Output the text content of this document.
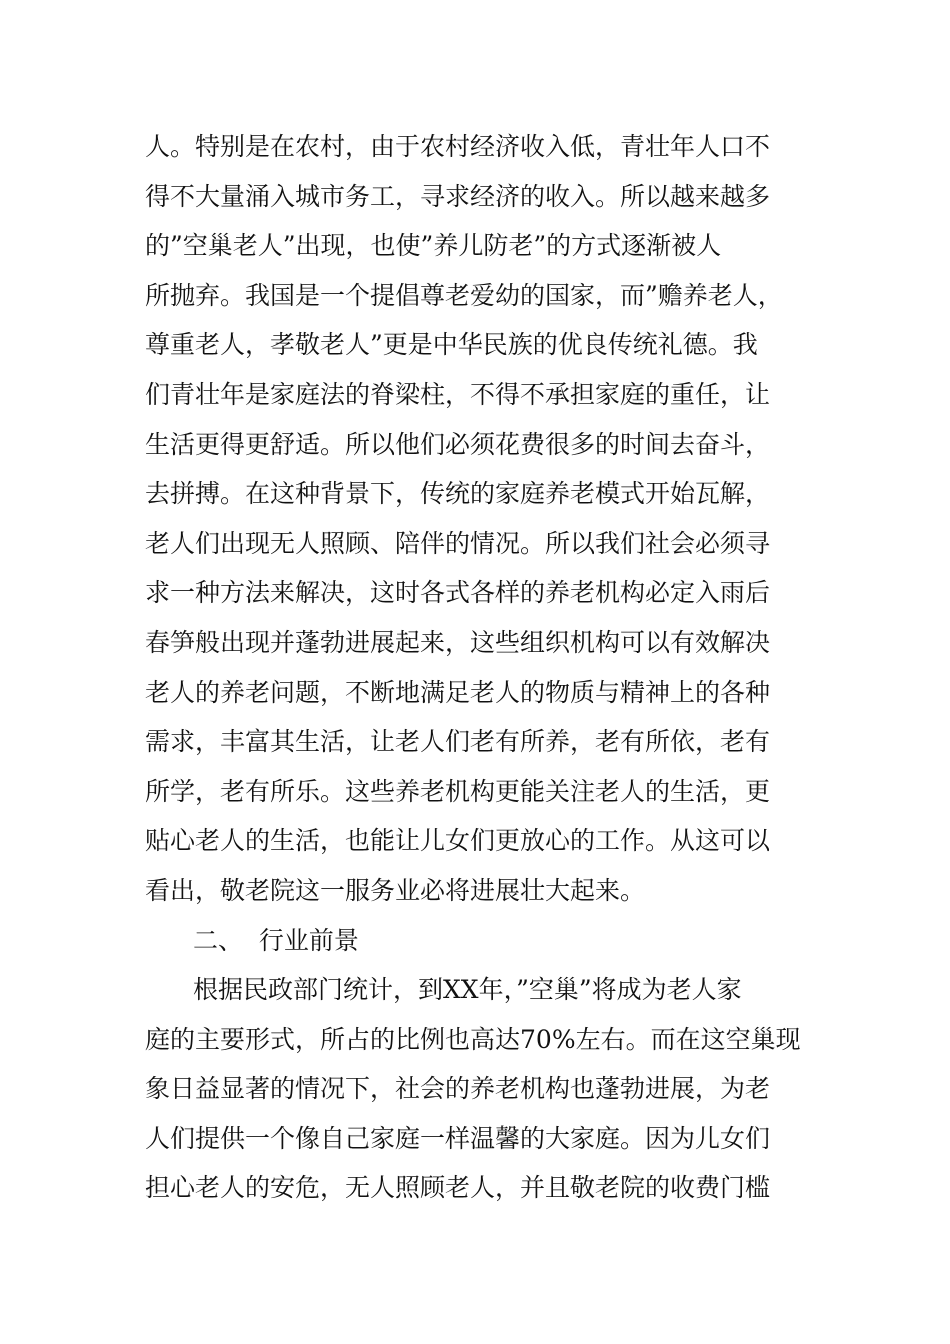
人。特别是在农村，由于农村经济收入低，青壮年人口不
得不大量涌入城市务工，寻求经济的收入。所以越来越多
的”空巢老人”出现，也使”养儿防老”的方式逐渐被人
所抛弃。我国是一个提倡尊老爱幼的国家，而”赡养老人，
尊重老人，孝敬老人”更是中华民族的优良传统礼德。我
们青壮年是家庭法的脊梁柱，不得不承担家庭的重任，让
生活更得更舒适。所以他们必须花费很多的时间去奋斗，
去拼搏。在这种背景下，传统的家庭养老模式开始瓦解，
老人们出现无人照顾、陪伴的情况。所以我们社会必须寻
求一种方法来解决，这时各式各样的养老机构必定入雨后
春笋般出现并蓬勃进展起来，这些组织机构可以有效解决
老人的养老问题，不断地满足老人的物质与精神上的各种
需求，丰富其生活，让老人们老有所养，老有所依，老有
所学，老有所乐。这些养老机构更能关注老人的生活，更
贴心老人的生活，也能让儿女们更放心的工作。从这可以
看出，敬老院这一服务业必将进展壮大起来。
二、  行业前景
根据民政部门统计，到XX年，”空巢”将成为老人家
庭的主要形式，所占的比例也高达70%左右。而在这空巢现
象日益显著的情况下，社会的养老机构也蓬勃进展，为老
人们提供一个像自己家庭一样温馨的大家庭。因为儿女们
担心老人的安危，无人照顾老人，并且敬老院的收费门槛
